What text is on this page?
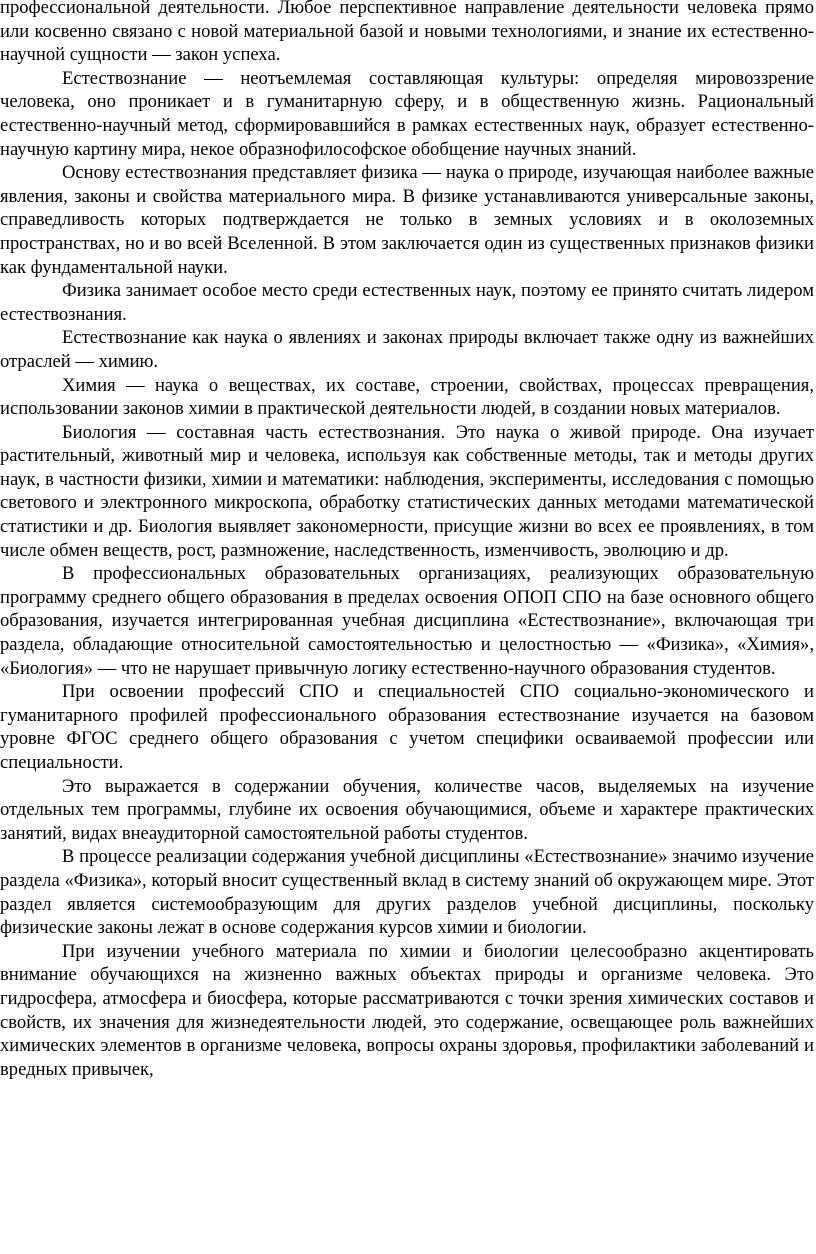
профессиональной деятельности. Любое перспективное направление деятельности человека прямо или косвенно связано с новой материальной базой и новыми технологиями, и знание их естественно-научной сущности — закон успеха.

Естествознание — неотъемлемая составляющая культуры: определяя мировоззрение человека, оно проникает и в гуманитарную сферу, и в общественную жизнь. Рациональный естественно-научный метод, сформировавшийся в рамках естественных наук, образует естественно-научную картину мира, некое образнофилософское обобщение научных знаний.

Основу естествознания представляет физика — наука о природе, изучающая наиболее важные явления, законы и свойства материального мира. В физике устанавливаются универсальные законы, справедливость которых подтверждается не только в земных условиях и в околоземных пространствах, но и во всей Вселенной. В этом заключается один из существенных признаков физики как фундаментальной науки.

Физика занимает особое место среди естественных наук, поэтому ее принято считать лидером естествознания.

Естествознание как наука о явлениях и законах природы включает также одну из важнейших отраслей — химию.

Химия — наука о веществах, их составе, строении, свойствах, процессах превращения, использовании законов химии в практической деятельности людей, в создании новых материалов.

Биология — составная часть естествознания. Это наука о живой природе. Она изучает растительный, животный мир и человека, используя как собственные методы, так и методы других наук, в частности физики, химии и математики: наблюдения, эксперименты, исследования с помощью светового и электронного микроскопа, обработку статистических данных методами математической статистики и др. Биология выявляет закономерности, присущие жизни во всех ее проявлениях, в том числе обмен веществ, рост, размножение, наследственность, изменчивость, эволюцию и др.

В профессиональных образовательных организациях, реализующих образовательную программу среднего общего образования в пределах освоения ОПОП СПО на базе основного общего образования, изучается интегрированная учебная дисциплина «Естествознание», включающая три раздела, обладающие относительной самостоятельностью и целостностью — «Физика», «Химия», «Биология» — что не нарушает привычную логику естественно-научного образования студентов.

При освоении профессий СПО и специальностей СПО социально-экономического и гуманитарного профилей профессионального образования естествознание изучается на базовом уровне ФГОС среднего общего образования с учетом специфики осваиваемой профессии или специальности.

Это выражается в содержании обучения, количестве часов, выделяемых на изучение отдельных тем программы, глубине их освоения обучающимися, объеме и характере практических занятий, видах внеаудиторной самостоятельной работы студентов.

В процессе реализации содержания учебной дисциплины «Естествознание» значимо изучение раздела «Физика», который вносит существенный вклад в систему знаний об окружающем мире. Этот раздел является системообразующим для других разделов учебной дисциплины, поскольку физические законы лежат в основе содержания курсов химии и биологии.

При изучении учебного материала по химии и биологии целесообразно акцентировать внимание обучающихся на жизненно важных объектах природы и организме человека. Это гидросфера, атмосфера и биосфера, которые рассматриваются с точки зрения химических составов и свойств, их значения для жизнедеятельности людей, это содержание, освещающее роль важнейших химических элементов в организме человека, вопросы охраны здоровья, профилактики заболеваний и вредных привычек,
